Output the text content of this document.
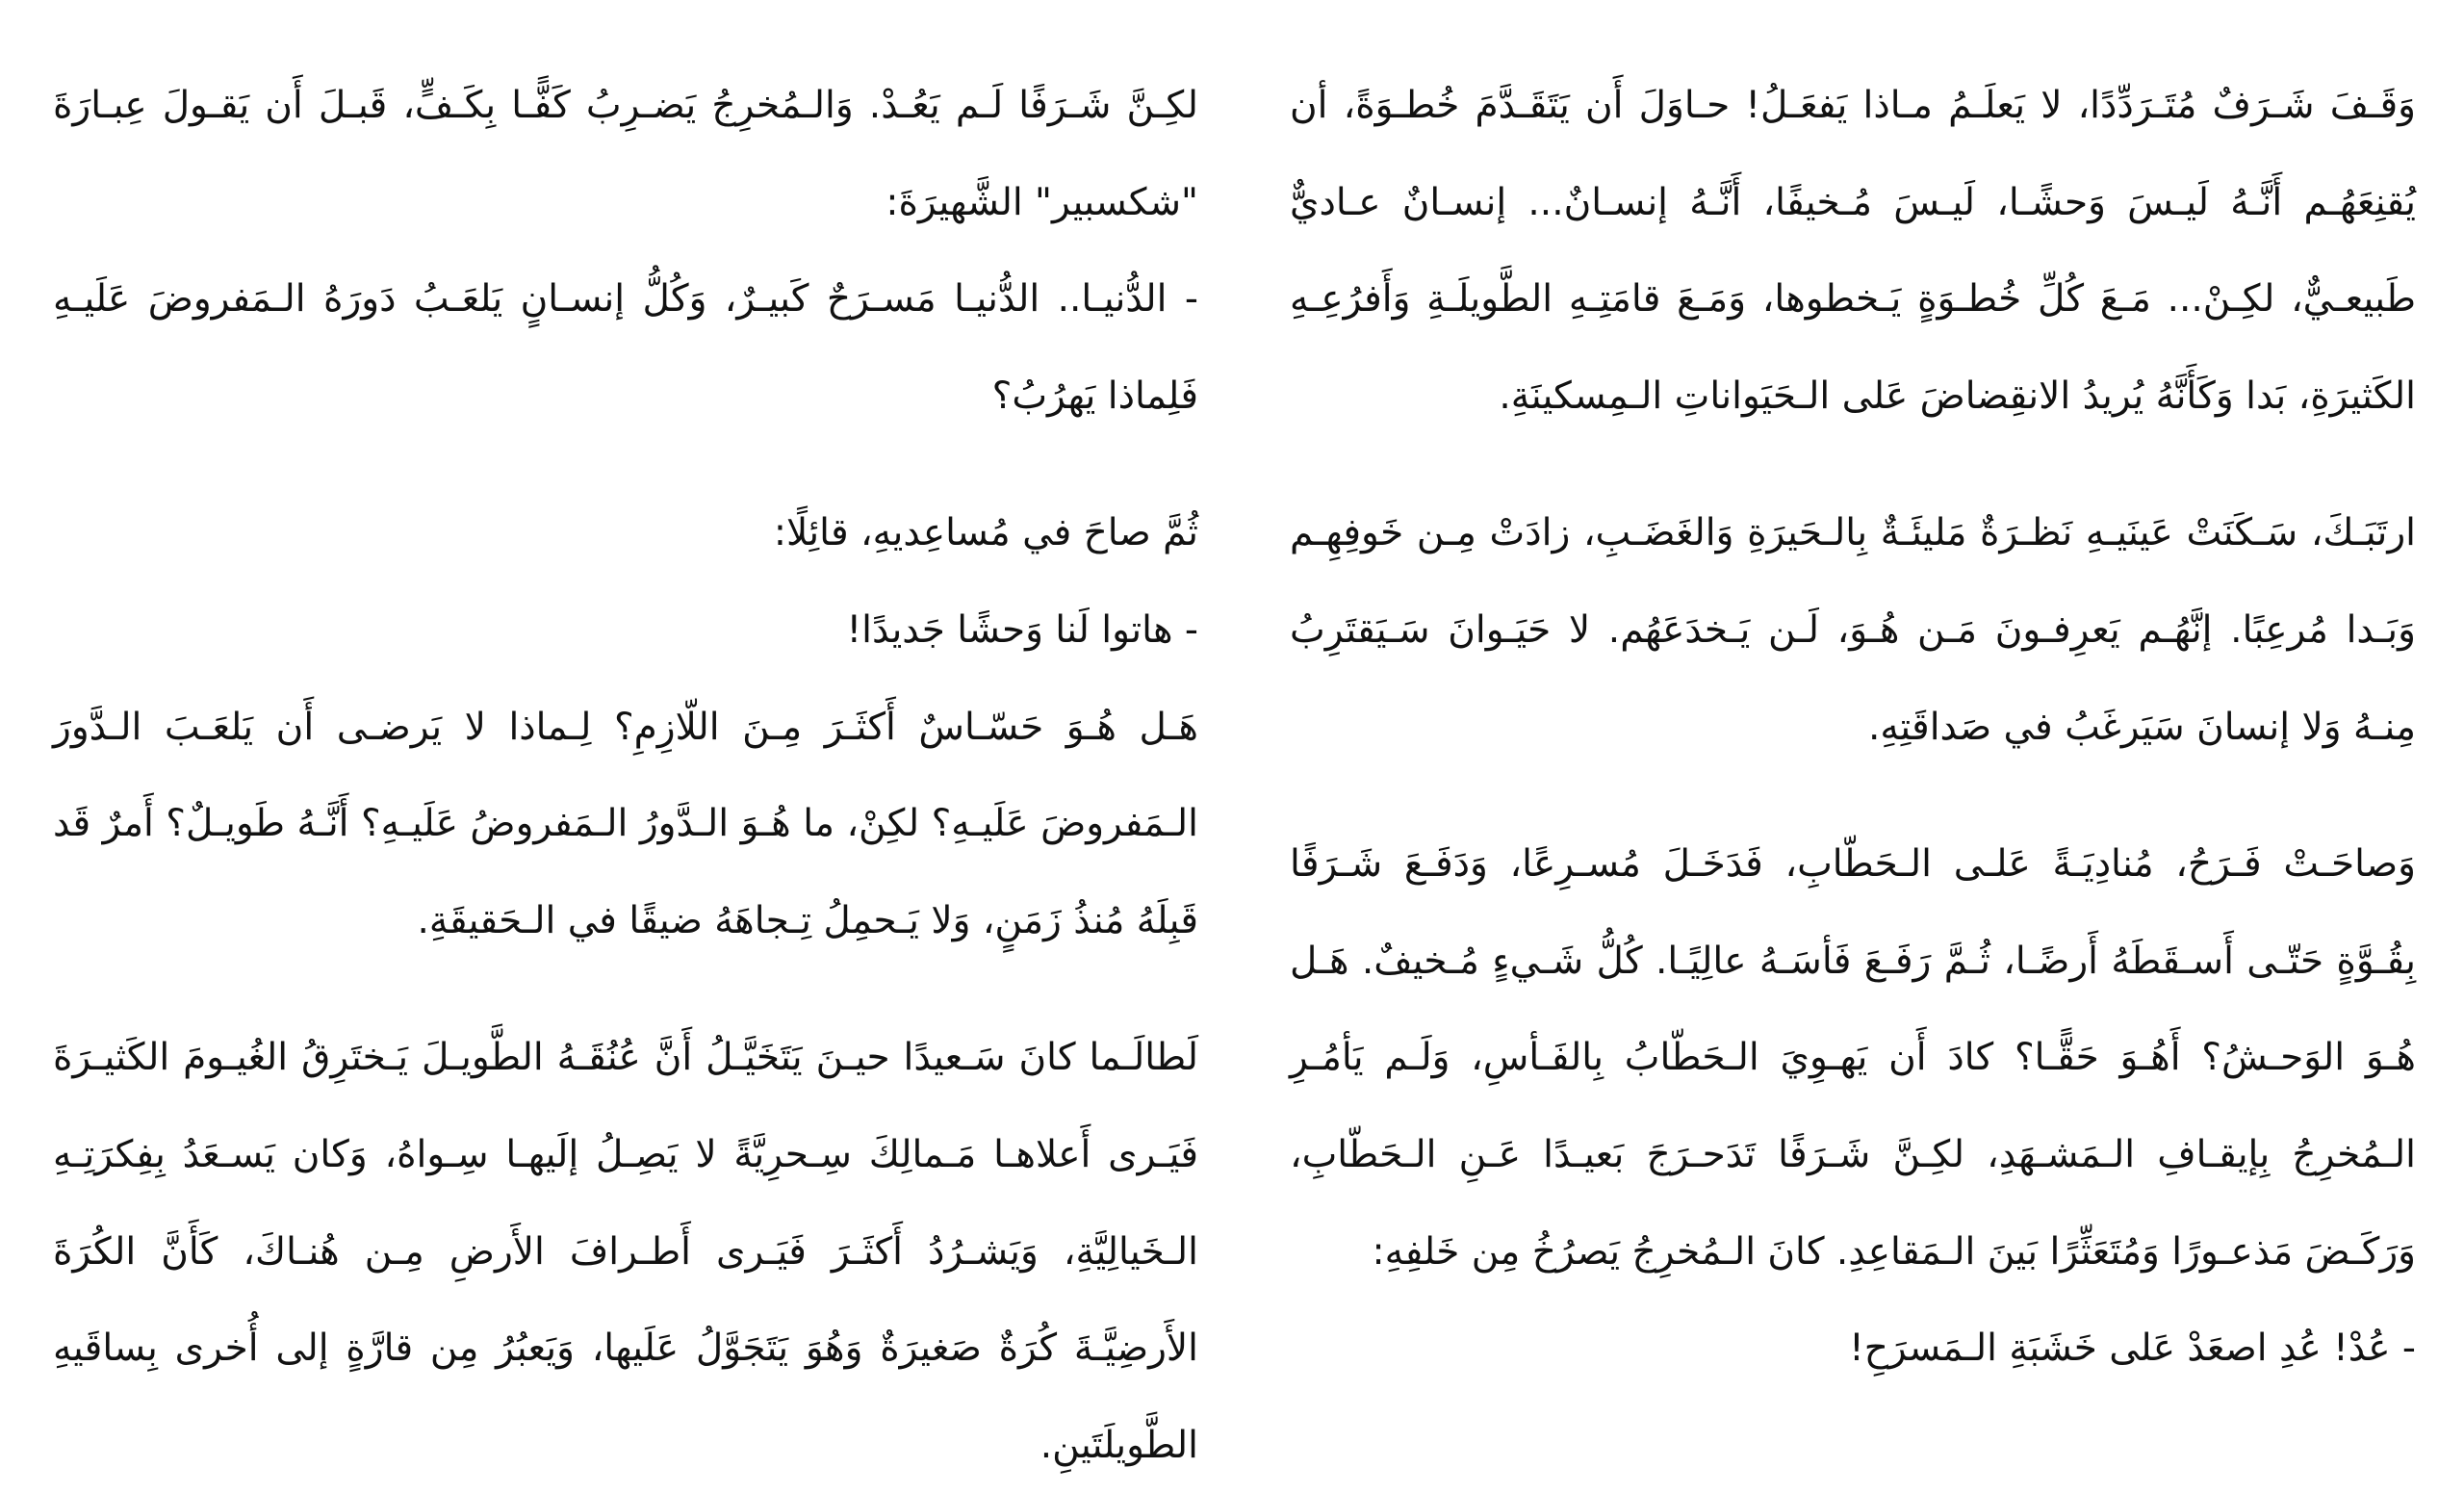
وَقَـفَ شَـرَفٌ مُتَـرَدِّدًا، لا يَعلَـمُ مـاذا يَفعَـلُ! حـاوَلَ أَن يَتَقَـدَّمَ خُطـوَةً، أن يُقنِعَهُـم أَنَّـهُ لَيـسَ وَحشًـا، لَيـسَ مُـخيفًا، أَنَّـهُ إنسـانٌ... إنسـانٌ عـاديٌّ طَبيعـيٌّ، لكِـنْ... مَـعَ كُلِّ خُطـوَةٍ يَـخطوها، وَمَـعَ قامَتِـهِ الطَّويلَـةِ وَأَفرُعِـهِ الكَثيرَةِ، بَدا وَكَأَنَّهُ يُريدُ الانقِضاضَ عَلى الـحَيَواناتِ الـمِسكينَةِ.

ارتَبَـكَ، سَـكَنَتْ عَينَيـهِ نَظـرَةٌ مَليئَـةٌ بِالـحَيرَةِ وَالغَضَـبِ، زادَتْ مِـن خَوفِهِـم وَبَـدا مُرعِبًا. إنَّهُـم يَعرِفـونَ مَـن هُـوَ، لَـن يَـخدَعَهُم. لا حَيَـوانَ سَـيَقتَرِبُ مِنـهُ وَلا إنسانَ سَيَرغَبُ في صَداقَتِهِ.

وَصاحَـتْ فَـرَحُ، مُنادِيَـةً عَلـى الـحَطّابِ، فَدَخَـلَ مُسـرِعًا، وَدَفَـعَ شَـرَفًا بِقُـوَّةٍ حَتّـى أَسـقَطَهُ أَرضًـا، ثُـمَّ رَفَـعَ فَأسَـهُ عالِيًـا. كُلُّ شَـيءٍ مُـخيفٌ. هَـل هُـوَ الوَحـشُ؟ أَهُـوَ حَقًّـا؟ كادَ أَن يَهـوِيَ الـحَطّابُ بِالفَـأسِ، وَلَـم يَأمُـرِ الـمُخرِجُ بِإيقـافِ الـمَشـهَدِ، لكِـنَّ شَـرَفًا تَدَحـرَجَ بَعيـدًا عَـنِ الـحَطّابِ، وَرَكَـضَ مَذعـورًا وَمُتَعَثِّرًا بَينَ الـمَقاعِدِ. كانَ الـمُخرِجُ يَصرُخُ مِن خَلفِهِ:

- عُدْ! عُدِ اصعَدْ عَلى خَشَبَةِ الـمَسرَحِ!

لكِـنَّ شَـرَفًا لَـم يَعُـدْ. وَالـمُخرِجُ يَضـرِبُ كَفًّـا بِكَـفٍّ، قَبـلَ أَن يَقـولَ عِبـارَةَ "شكسبير" الشَّهيرَةَ:

- الدُّنيـا.. الدُّنيـا مَسـرَحٌ كَبيـرٌ، وَكُلُّ إنسـانٍ يَلعَـبُ دَورَهُ الـمَفروضَ عَلَيـهِ فَلِماذا يَهرُبُ؟

ثُمَّ صاحَ في مُساعِديهِ، قائِلًا:

- هاتوا لَنا وَحشًا جَديدًا!

هَـل هُـوَ حَسّـاسٌ أَكثَـرَ مِـنَ اللّازِمِ؟ لِـماذا لا يَرضـى أَن يَلعَـبَ الـدَّورَ الـمَفروضَ عَلَيـهِ؟ لكِنْ، ما هُـوَ الـدَّورُ الـمَفروضُ عَلَيـهِ؟ أَنَّـهُ طَويـلٌ؟ أَمرٌ قَد قَبِلَهُ مُنذُ زَمَنٍ، وَلا يَـحمِلُ تِـجاهَهُ ضيقًا في الـحَقيقَةِ.

لَطالَـما كانَ سَـعيدًا حيـنَ يَتَخَيَّـلُ أَنَّ عُنُقَـهُ الطَّويـلَ يَـختَرِقُ الغُيـومَ الكَثيـرَةَ فَيَـرى أَعلاهـا مَـمالِكَ سِـحرِيَّةً لا يَصِـلُ إلَيهـا سِـواهُ، وَكان يَسـعَدُ بِفِكرَتِـهِ الـخَيالِيَّةِ، وَيَشـرُدُ أَكثَـرَ فَيَـرى أَطـرافَ الأَرضِ مِـن هُنـاكَ، كَأَنَّ الكُرَةَ الأَرضِيَّـةَ كُرَةٌ صَغيرَةٌ وَهُوَ يَتَجَوَّلُ عَلَيها، وَيَعبُرُ مِن قارَّةٍ إلى أُخرى بِساقَيهِ الطَّويلَتَينِ.
